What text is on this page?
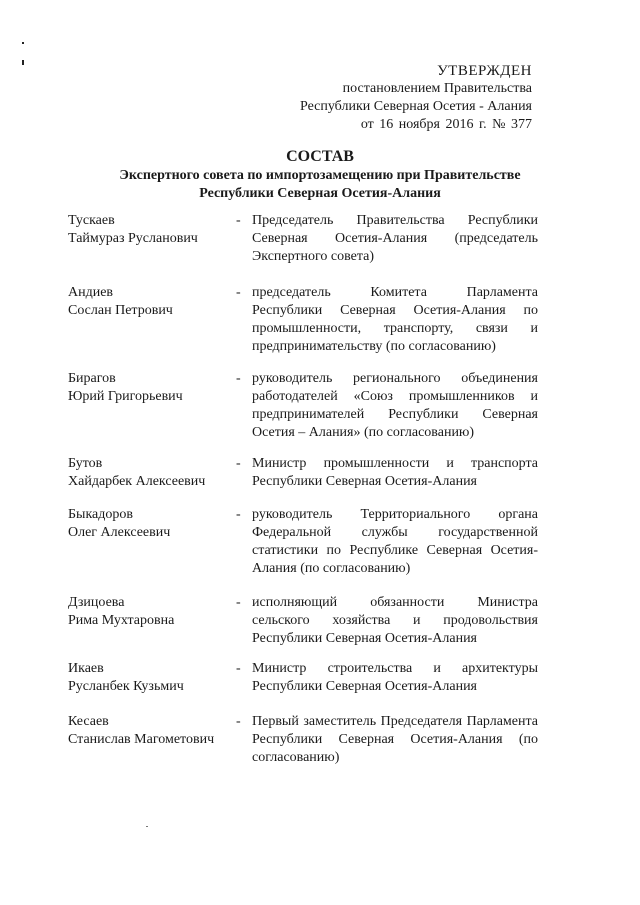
УТВЕРЖДЕН
постановлением Правительства
Республики Северная Осетия - Алания
от 16 ноября 2016 г. № 377
СОСТАВ
Экспертного совета по импортозамещению при Правительстве
Республики Северная Осетия-Алания
Тускаев
Таймураз Русланович
- Председатель Правительства Республики Северная Осетия-Алания (председатель Экспертного совета)
Андиев
Сослан Петрович
- председатель Комитета Парламента Республики Северная Осетия-Алания по промышленности, транспорту, связи и предпринимательству (по согласованию)
Бирагов
Юрий Григорьевич
- руководитель регионального объединения работодателей «Союз промышленников и предпринимателей Республики Северная Осетия – Алания» (по согласованию)
Бутов
Хайдарбек Алексеевич
- Министр промышленности и транспорта Республики Северная Осетия-Алания
Быкадоров
Олег Алексеевич
- руководитель Территориального органа Федеральной службы государственной статистики по Республике Северная Осетия-Алания (по согласованию)
Дзицоева
Рима Мухтаровна
- исполняющий обязанности Министра сельского хозяйства и продовольствия Республики Северная Осетия-Алания
Икаев
Русланбек Кузьмич
- Министр строительства и архитектуры Республики Северная Осетия-Алания
Кесаев
Станислав Магометович
- Первый заместитель Председателя Парламента Республики Северная Осетия-Алания (по согласованию)
